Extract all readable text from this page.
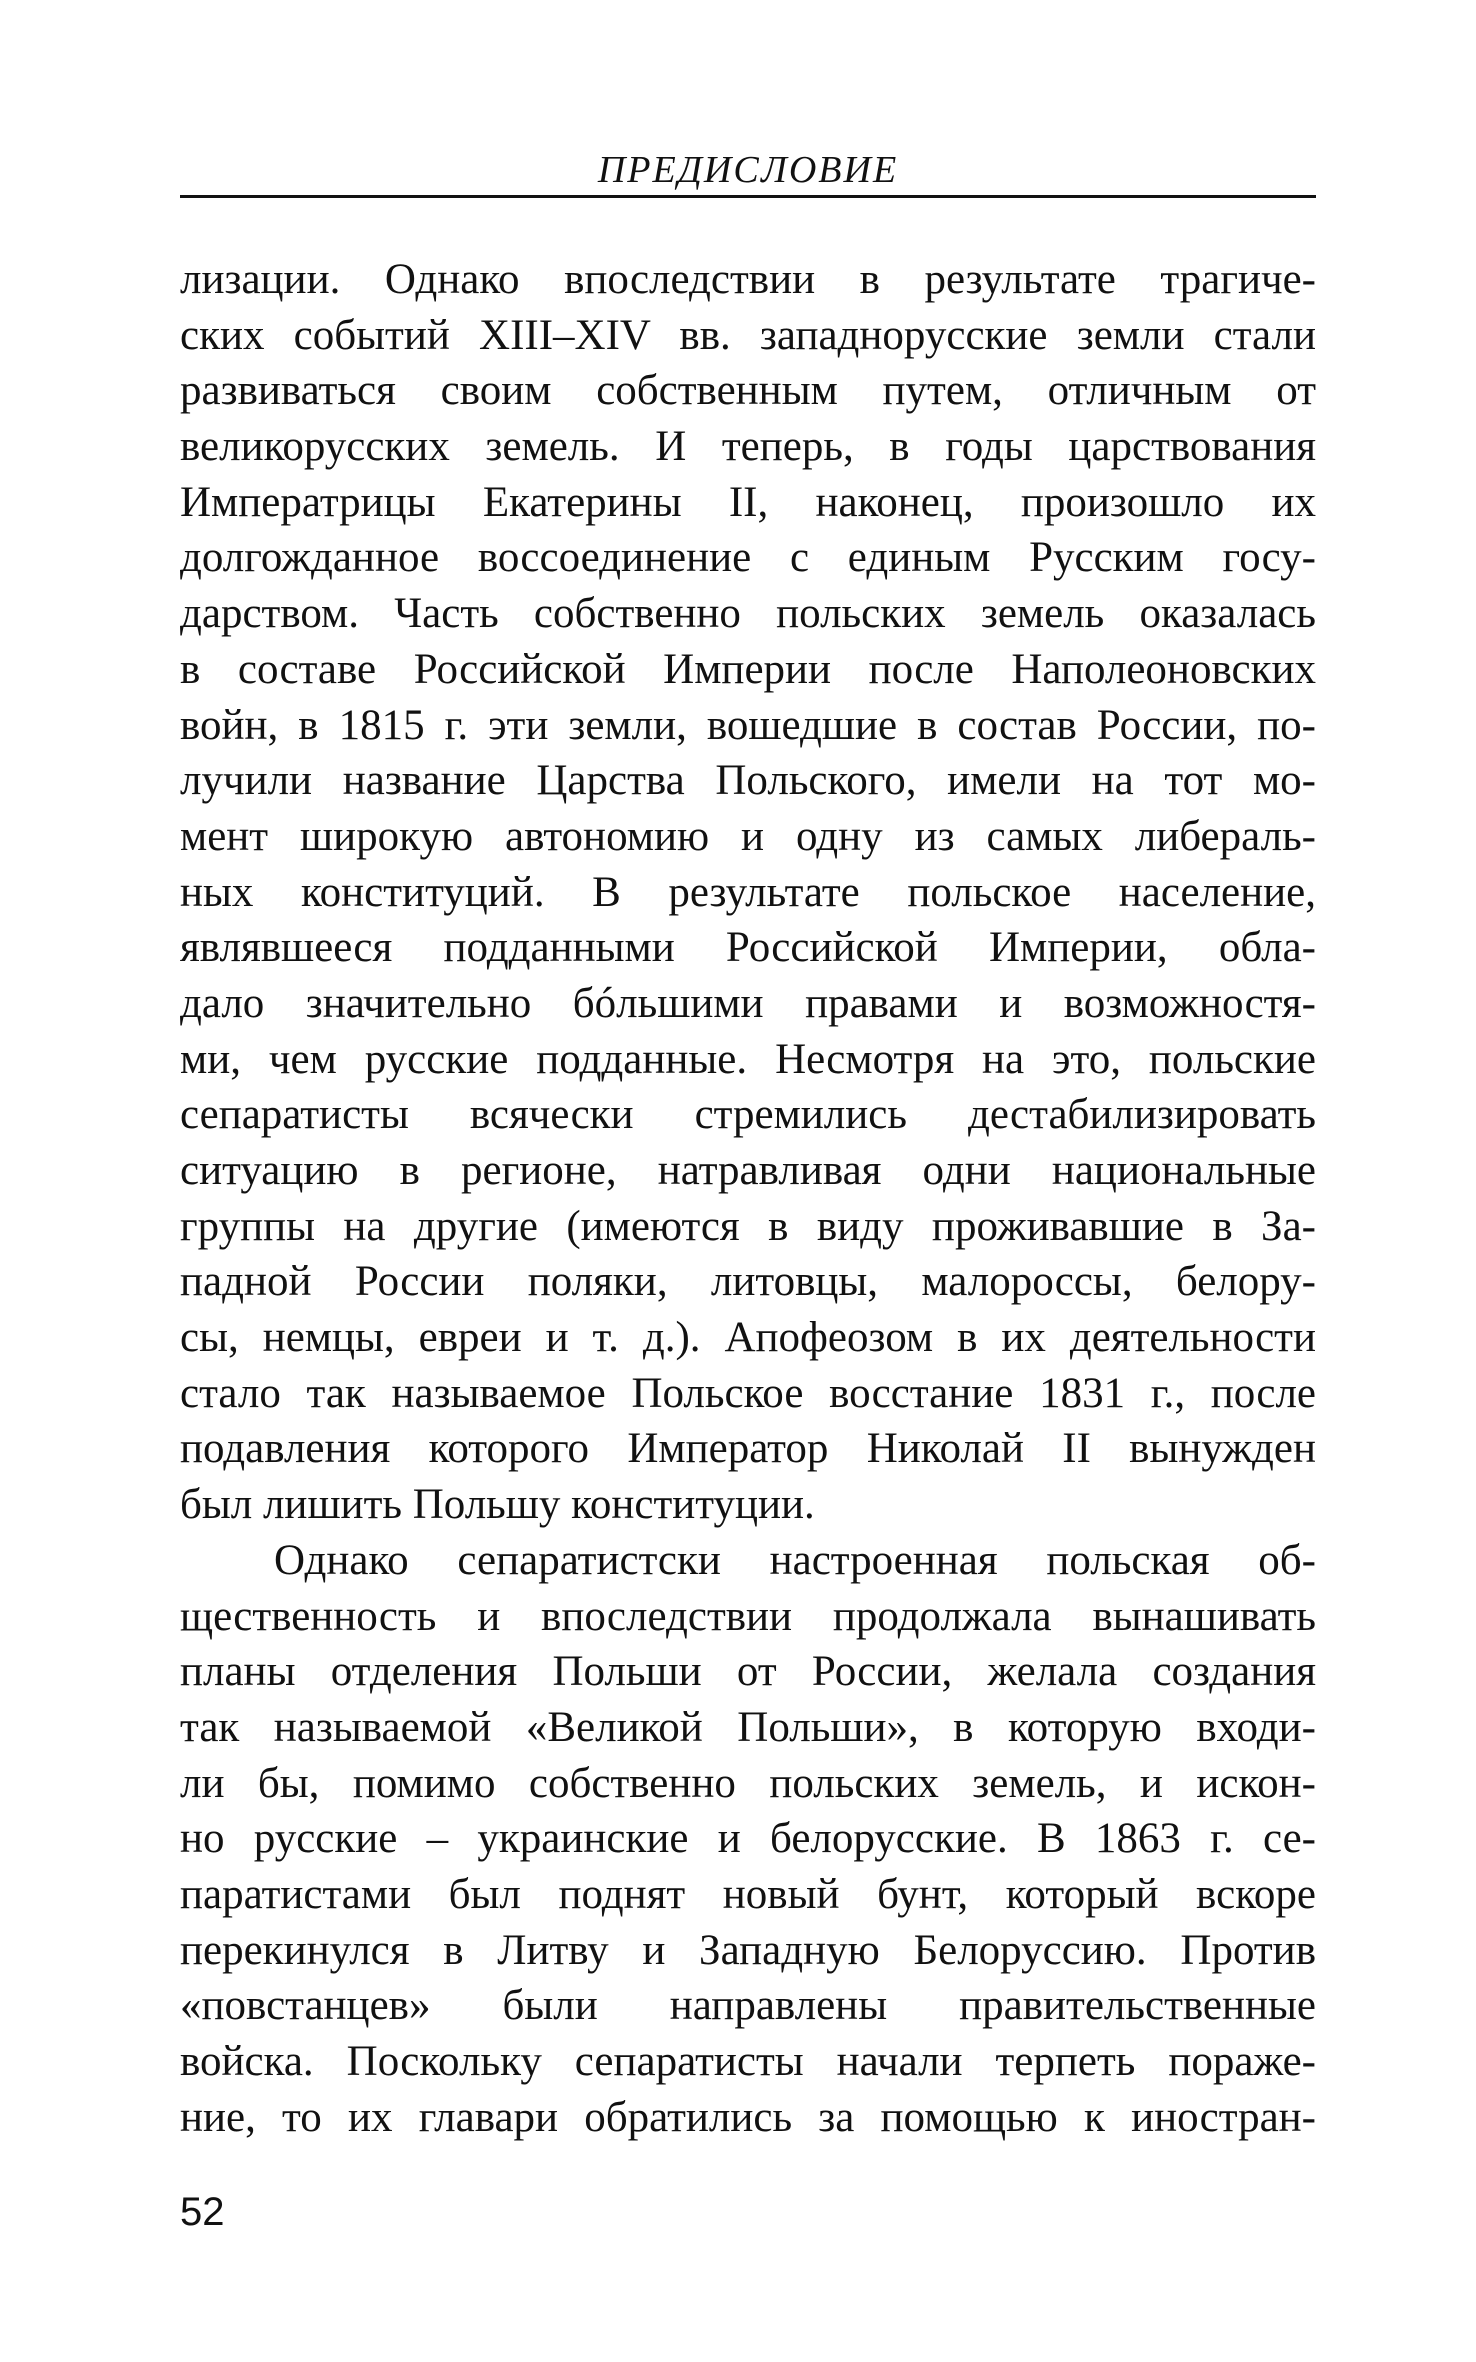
ПРЕДИСЛОВИЕ
лизации. Однако впоследствии в результате трагиче-
ских событий XIII–XIV вв. западнорусские земли стали
развиваться своим собственным путем, отличным от
великорусских земель. И теперь, в годы царствования
Императрицы Екатерины II, наконец, произошло их
долгожданное воссоединение с единым Русским госу-
дарством. Часть собственно польских земель оказалась
в составе Российской Империи после Наполеоновских
войн, в 1815 г. эти земли, вошедшие в состав России, по-
лучили название Царства Польского, имели на тот мо-
мент широкую автономию и одну из самых либераль-
ных конституций. В результате польское население,
являвшееся подданными Российской Империи, обла-
дало значительно бóльшими правами и возможностя-
ми, чем русские подданные. Несмотря на это, польские
сепаратисты всячески стремились дестабилизировать
ситуацию в регионе, натравливая одни национальные
группы на другие (имеются в виду проживавшие в За-
падной России поляки, литовцы, малороссы, белору-
сы, немцы, евреи и т. д.). Апофеозом в их деятельности
стало так называемое Польское восстание 1831 г., после
подавления которого Император Николай II вынужден
был лишить Польшу конституции.
Однако сепаратистски настроенная польская об-
щественность и впоследствии продолжала вынашивать
планы отделения Польши от России, желала создания
так называемой «Великой Польши», в которую входи-
ли бы, помимо собственно польских земель, и искон-
но русские – украинские и белорусские. В 1863 г. се-
паратистами был поднят новый бунт, который вскоре
перекинулся в Литву и Западную Белоруссию. Против
«повстанцев» были направлены правительственные
войска. Поскольку сепаратисты начали терпеть пораже-
ние, то их главари обратились за помощью к иностран-
52
